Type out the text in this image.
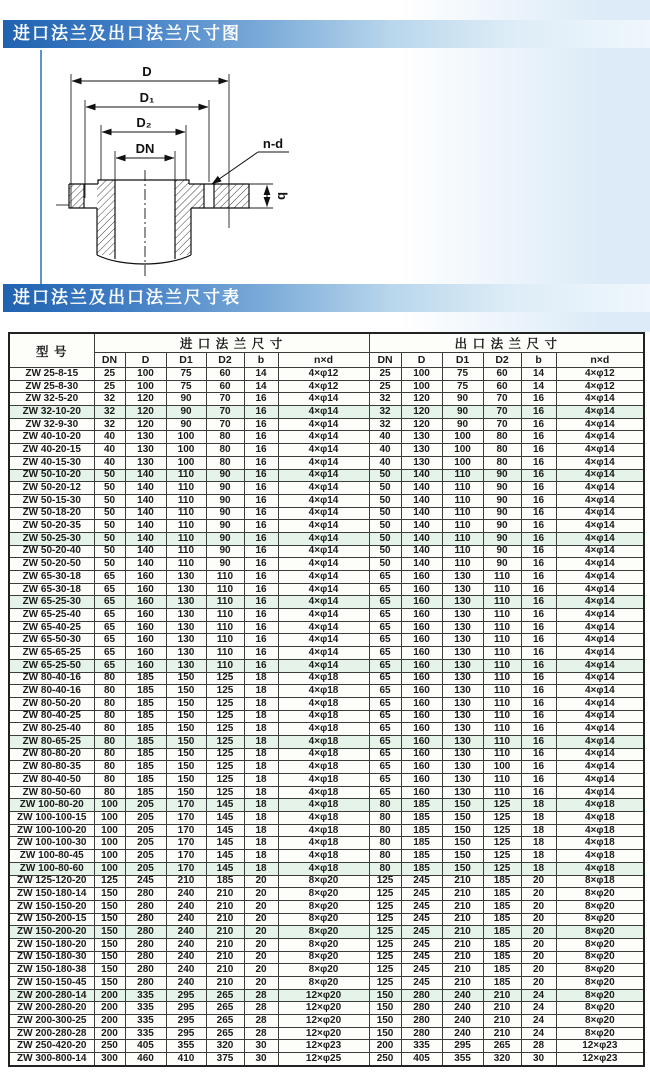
进口法兰及出口法兰尺寸图
D
D₁
D₂
DN	n-d
b
进口法兰及出口法兰尺寸表
型 号	进 口 法 兰 尺 寸						出 口 法 兰 尺 寸					
	DN	D	D1	D2	b	n×d	DN	D	D1	D2	b	n×d
ZW 25-8-15	25	100	75	60	14	4×φ12	25	100	75	60	14	4×φ12
ZW 25-8-30	25	100	75	60	14	4×φ12	25	100	75	60	14	4×φ12
ZW 32-5-20	32	120	90	70	16	4×φ14	32	120	90	70	16	4×φ14
ZW 32-10-20	32	120	90	70	16	4×φ14	32	120	90	70	16	4×φ14
ZW 32-9-30	32	120	90	70	16	4×φ14	32	120	90	70	16	4×φ14
ZW 40-10-20	40	130	100	80	16	4×φ14	40	130	100	80	16	4×φ14
ZW 40-20-15	40	130	100	80	16	4×φ14	40	130	100	80	16	4×φ14
ZW 40-15-30	40	130	100	80	16	4×φ14	40	130	100	80	16	4×φ14
ZW 50-10-20	50	140	110	90	16	4×φ14	50	140	110	90	16	4×φ14
ZW 50-20-12	50	140	110	90	16	4×φ14	50	140	110	90	16	4×φ14
ZW 50-15-30	50	140	110	90	16	4×φ14	50	140	110	90	16	4×φ14
ZW 50-18-20	50	140	110	90	16	4×φ14	50	140	110	90	16	4×φ14
ZW 50-20-35	50	140	110	90	16	4×φ14	50	140	110	90	16	4×φ14
ZW 50-25-30	50	140	110	90	16	4×φ14	50	140	110	90	16	4×φ14
ZW 50-20-40	50	140	110	90	16	4×φ14	50	140	110	90	16	4×φ14
ZW 50-20-50	50	140	110	90	16	4×φ14	50	140	110	90	16	4×φ14
ZW 65-30-18	65	160	130	110	16	4×φ14	65	160	130	110	16	4×φ14
ZW 65-30-18	65	160	130	110	16	4×φ14	65	160	130	110	16	4×φ14
ZW 65-25-30	65	160	130	110	16	4×φ14	65	160	130	110	16	4×φ14
ZW 65-25-40	65	160	130	110	16	4×φ14	65	160	130	110	16	4×φ14
ZW 65-40-25	65	160	130	110	16	4×φ14	65	160	130	110	16	4×φ14
ZW 65-50-30	65	160	130	110	16	4×φ14	65	160	130	110	16	4×φ14
ZW 65-65-25	65	160	130	110	16	4×φ14	65	160	130	110	16	4×φ14
ZW 65-25-50	65	160	130	110	16	4×φ14	65	160	130	110	16	4×φ14
ZW 80-40-16	80	185	150	125	18	4×φ18	65	160	130	110	16	4×φ14
ZW 80-40-16	80	185	150	125	18	4×φ18	65	160	130	110	16	4×φ14
ZW 80-50-20	80	185	150	125	18	4×φ18	65	160	130	110	16	4×φ14
ZW 80-40-25	80	185	150	125	18	4×φ18	65	160	130	110	16	4×φ14
ZW 80-25-40	80	185	150	125	18	4×φ18	65	160	130	110	16	4×φ14
ZW 80-65-25	80	185	150	125	18	4×φ18	65	160	130	110	16	4×φ14
ZW 80-80-20	80	185	150	125	18	4×φ18	65	160	130	110	16	4×φ14
ZW 80-80-35	80	185	150	125	18	4×φ18	65	160	130	100	16	4×φ14
ZW 80-40-50	80	185	150	125	18	4×φ18	65	160	130	110	16	4×φ14
ZW 80-50-60	80	185	150	125	18	4×φ18	65	160	130	110	16	4×φ14
ZW 100-80-20	100	205	170	145	18	4×φ18	80	185	150	125	18	4×φ18
ZW 100-100-15	100	205	170	145	18	4×φ18	80	185	150	125	18	4×φ18
ZW 100-100-20	100	205	170	145	18	4×φ18	80	185	150	125	18	4×φ18
ZW 100-100-30	100	205	170	145	18	4×φ18	80	185	150	125	18	4×φ18
ZW 100-80-45	100	205	170	145	18	4×φ18	80	185	150	125	18	4×φ18
ZW 100-80-60	100	205	170	145	18	4×φ18	80	185	150	125	18	4×φ18
ZW 125-120-20	125	245	210	185	20	8×φ20	125	245	210	185	20	8×φ18
ZW 150-180-14	150	280	240	210	20	8×φ20	125	245	210	185	20	8×φ20
ZW 150-150-20	150	280	240	210	20	8×φ20	125	245	210	185	20	8×φ20
ZW 150-200-15	150	280	240	210	20	8×φ20	125	245	210	185	20	8×φ20
ZW 150-200-20	150	280	240	210	20	8×φ20	125	245	210	185	20	8×φ20
ZW 150-180-20	150	280	240	210	20	8×φ20	125	245	210	185	20	8×φ20
ZW 150-180-30	150	280	240	210	20	8×φ20	125	245	210	185	20	8×φ20
ZW 150-180-38	150	280	240	210	20	8×φ20	125	245	210	185	20	8×φ20
ZW 150-150-45	150	280	240	210	20	8×φ20	125	245	210	185	20	8×φ20
ZW 200-280-14	200	335	295	265	28	12×φ20	150	280	240	210	24	8×φ20
ZW 200-280-20	200	335	295	265	28	12×φ20	150	280	240	210	24	8×φ20
ZW 200-300-25	200	335	295	265	28	12×φ20	150	280	240	210	24	8×φ20
ZW 200-280-28	200	335	295	265	28	12×φ20	150	280	240	210	24	8×φ20
ZW 250-420-20	250	405	355	320	30	12×φ23	200	335	295	265	28	12×φ23
ZW 300-800-14	300	460	410	375	30	12×φ25	250	405	355	320	30	12×φ23
